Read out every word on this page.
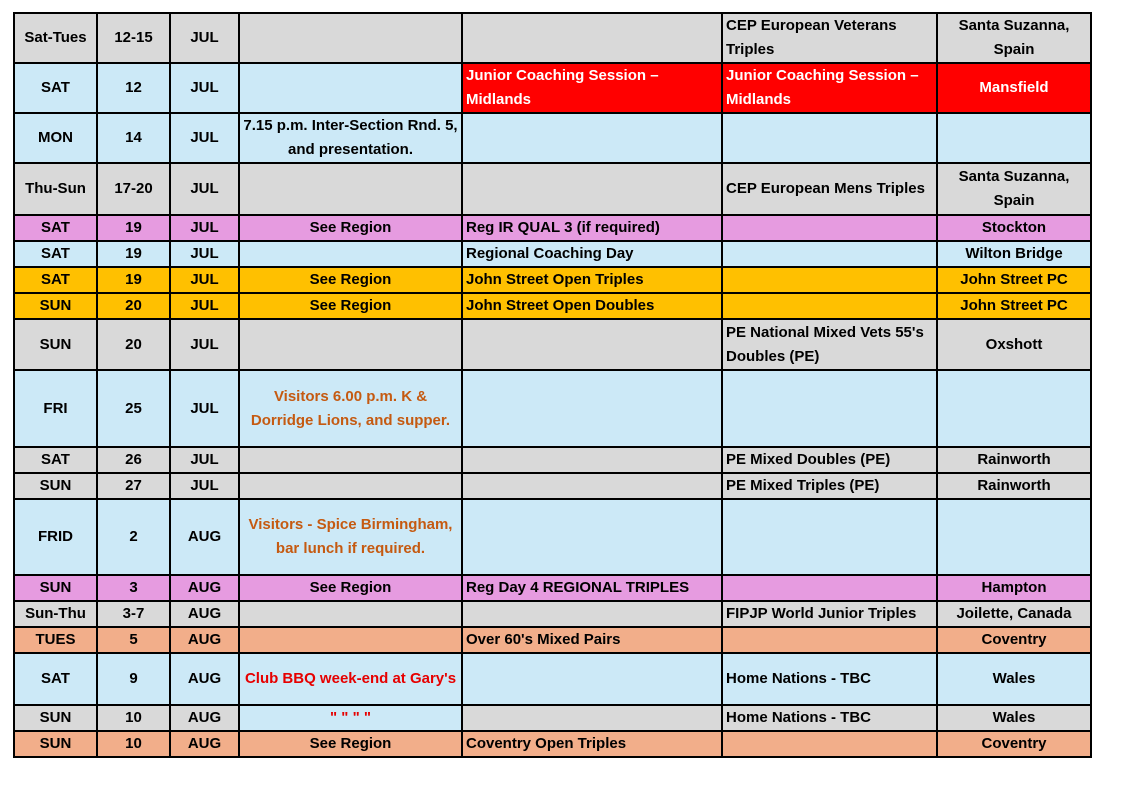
Sat-Tues	12-15	JUL			CEP European Veterans Triples	Santa Suzanna, Spain
SAT	12	JUL		Junior Coaching Session – Midlands	Junior Coaching Session – Midlands	Mansfield
MON	14	JUL	7.15 p.m. Inter-Section Rnd. 5, and presentation.			
Thu-Sun	17-20	JUL			CEP European Mens Triples	Santa Suzanna, Spain
SAT	19	JUL	See Region	Reg IR QUAL 3 (if required)		Stockton
SAT	19	JUL		Regional Coaching Day		Wilton Bridge
SAT	19	JUL	See Region	John Street Open Triples		John Street PC
SUN	20	JUL	See Region	John Street Open Doubles		John Street PC
SUN	20	JUL			PE National Mixed Vets 55's Doubles (PE)	Oxshott
FRI	25	JUL	Visitors 6.00 p.m. K & Dorridge Lions, and supper.			
SAT	26	JUL			PE Mixed Doubles (PE)	Rainworth
SUN	27	JUL			PE Mixed Triples (PE)	Rainworth
FRID	2	AUG	Visitors - Spice Birmingham, bar lunch if required.			
SUN	3	AUG	See Region	Reg Day 4 REGIONAL TRIPLES		Hampton
Sun-Thu	3-7	AUG			FIPJP World Junior Triples	Joilette, Canada
TUES	5	AUG		Over 60's Mixed Pairs		Coventry
SAT	9	AUG	Club BBQ week-end at Gary's		Home Nations - TBC	Wales
SUN	10	AUG	" " " "		Home Nations - TBC	Wales
SUN	10	AUG	See Region	Coventry Open Triples		Coventry
